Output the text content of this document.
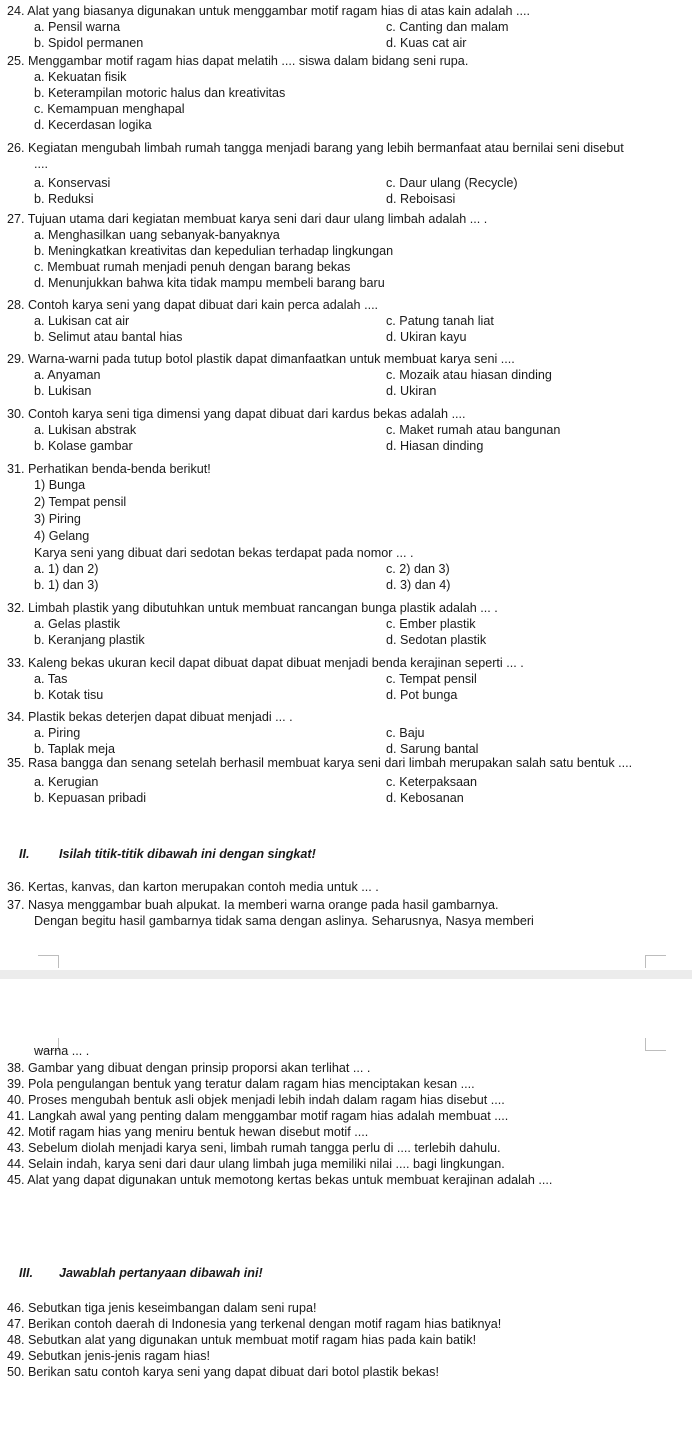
24. Alat yang biasanya digunakan untuk menggambar motif ragam hias di atas kain adalah ....
a. Pensil warna
b. Spidol permanen
c. Canting dan malam
d. Kuas cat air
25. Menggambar motif ragam hias dapat melatih .... siswa dalam bidang seni rupa.
a. Kekuatan fisik
b. Keterampilan motoric halus dan kreativitas
c. Kemampuan menghapal
d. Kecerdasan logika
26. Kegiatan mengubah limbah rumah tangga menjadi barang yang lebih bermanfaat atau bernilai seni disebut ....
a. Konservasi
b. Reduksi
c. Daur ulang (Recycle)
d. Reboisasi
27. Tujuan utama dari kegiatan membuat karya seni dari daur ulang limbah adalah ... .
a. Menghasilkan uang sebanyak-banyaknya
b. Meningkatkan kreativitas dan kepedulian terhadap lingkungan
c. Membuat rumah menjadi penuh dengan barang bekas
d. Menunjukkan bahwa kita tidak mampu membeli barang baru
28. Contoh karya seni yang dapat dibuat dari kain perca adalah ....
a. Lukisan cat air
b. Selimut atau bantal hias
c. Patung tanah liat
d. Ukiran kayu
29. Warna-warni pada tutup botol plastik dapat dimanfaatkan untuk membuat karya seni ....
a. Anyaman
b. Lukisan
c. Mozaik atau hiasan dinding
d. Ukiran
30. Contoh karya seni tiga dimensi yang dapat dibuat dari kardus bekas adalah ....
a. Lukisan abstrak
b. Kolase gambar
c. Maket rumah atau bangunan
d. Hiasan dinding
31. Perhatikan benda-benda berikut!
1) Bunga
2) Tempat pensil
3) Piring
4) Gelang
Karya seni yang dibuat dari sedotan bekas terdapat pada nomor ... .
a. 1) dan 2)
b. 1) dan 3)
c. 2) dan 3)
d. 3) dan 4)
32. Limbah plastik yang dibutuhkan untuk membuat rancangan bunga plastik adalah ... .
a. Gelas plastik
b. Keranjang plastik
c. Ember plastik
d. Sedotan plastik
33. Kaleng bekas ukuran kecil dapat dibuat dapat dibuat menjadi benda kerajinan seperti ... .
a. Tas
b. Kotak tisu
c. Tempat pensil
d. Pot bunga
34. Plastik bekas deterjen dapat dibuat menjadi ... .
a. Piring
b. Taplak meja
c. Baju
d. Sarung bantal
35. Rasa bangga dan senang setelah berhasil membuat karya seni dari limbah merupakan salah satu bentuk ....
a. Kerugian
b. Kepuasan pribadi
c. Keterpaksaan
d. Kebosanan
II. Isilah titik-titik dibawah ini dengan singkat!
36. Kertas, kanvas, dan karton merupakan contoh media untuk ... .
37. Nasya menggambar buah alpukat. Ia memberi warna orange pada hasil gambarnya.
Dengan begitu hasil gambarnya tidak sama dengan aslinya. Seharusnya, Nasya memberi
warna ... .
38. Gambar yang dibuat dengan prinsip proporsi akan terlihat ... .
39. Pola pengulangan bentuk yang teratur dalam ragam hias menciptakan kesan ....
40. Proses mengubah bentuk asli objek menjadi lebih indah dalam ragam hias disebut ....
41. Langkah awal yang penting dalam menggambar motif ragam hias adalah membuat ....
42. Motif ragam hias yang meniru bentuk hewan disebut motif ....
43. Sebelum diolah menjadi karya seni, limbah rumah tangga perlu di .... terlebih dahulu.
44. Selain indah, karya seni dari daur ulang limbah juga memiliki nilai .... bagi lingkungan.
45. Alat yang dapat digunakan untuk memotong kertas bekas untuk membuat kerajinan adalah ....
III. Jawablah pertanyaan dibawah ini!
46. Sebutkan tiga jenis keseimbangan dalam seni rupa!
47. Berikan contoh daerah di Indonesia yang terkenal dengan motif ragam hias batiknya!
48. Sebutkan alat yang digunakan untuk membuat motif ragam hias pada kain batik!
49. Sebutkan jenis-jenis ragam hias!
50. Berikan satu contoh karya seni yang dapat dibuat dari botol plastik bekas!
